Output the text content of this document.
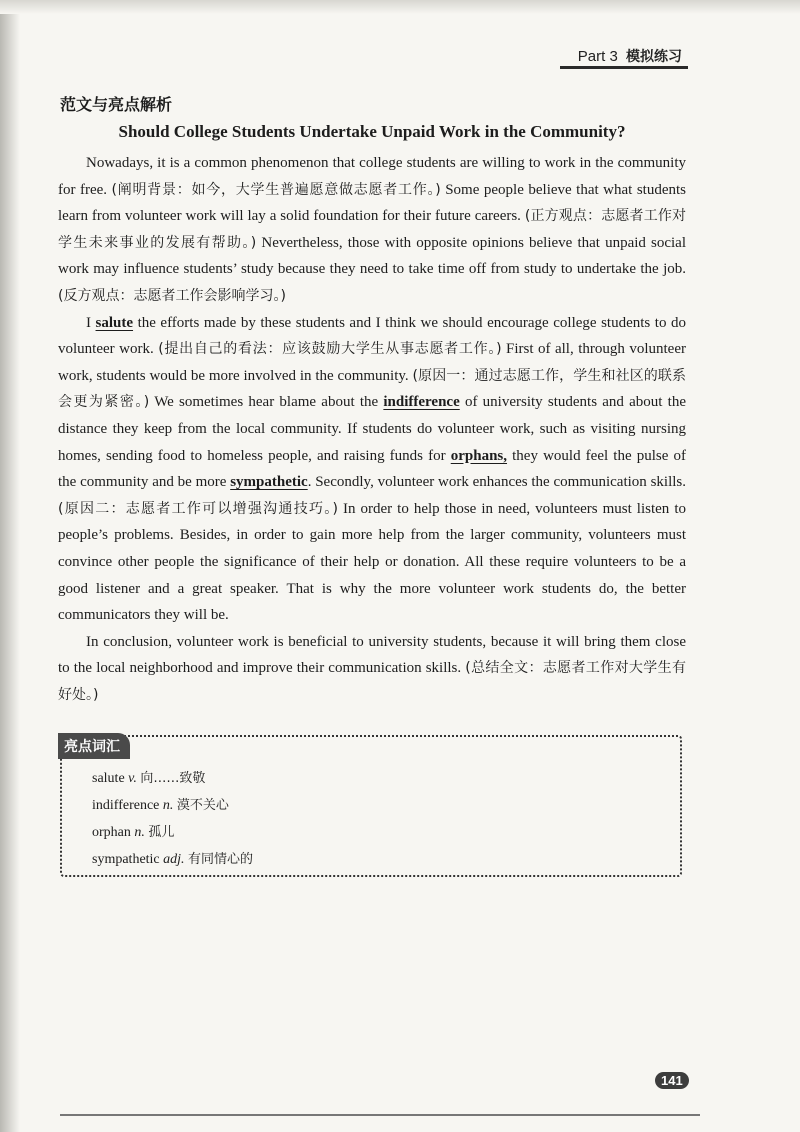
Part 3 模拟练习
范文与亮点解析
Should College Students Undertake Unpaid Work in the Community?

Nowadays, it is a common phenomenon that college students are willing to work in the community for free. (阐明背景：如今，大学生普遍愿意做志愿者工作。) Some people believe that what students learn from volunteer work will lay a solid foundation for their future careers. (正方观点：志愿者工作对学生未来事业的发展有帮助。) Nevertheless, those with opposite opinions believe that unpaid social work may influence students’ study because they need to take time off from study to undertake the job. (反方观点：志愿者工作会影响学习。)

I salute the efforts made by these students and I think we should encourage college students to do volunteer work. (提出自己的看法：应该鼓励大学生从事志愿者工作。) First of all, through volunteer work, students would be more involved in the community. (原因一：通过志愿工作，学生和社区的联系会更为紧密。) We sometimes hear blame about the indifference of university students and about the distance they keep from the local community. If students do volunteer work, such as visiting nursing homes, sending food to homeless people, and raising funds for orphans, they would feel the pulse of the community and be more sympathetic. Secondly, volunteer work enhances the communication skills. (原因二：志愿者工作可以增强沟通技巧。) In order to help those in need, volunteers must listen to people’s problems. Besides, in order to gain more help from the larger community, volunteers must convince other people the significance of their help or donation. All these require volunteers to be a good listener and a great speaker. That is why the more volunteer work students do, the better communicators they will be.

In conclusion, volunteer work is beneficial to university students, because it will bring them close to the local neighborhood and improve their communication skills. (总结全文：志愿者工作对大学生有好处。)

亮点词汇
salute v. 向……致敬
indifference n. 漠不关心
orphan n. 孤儿
sympathetic adj. 有同情心的
141
